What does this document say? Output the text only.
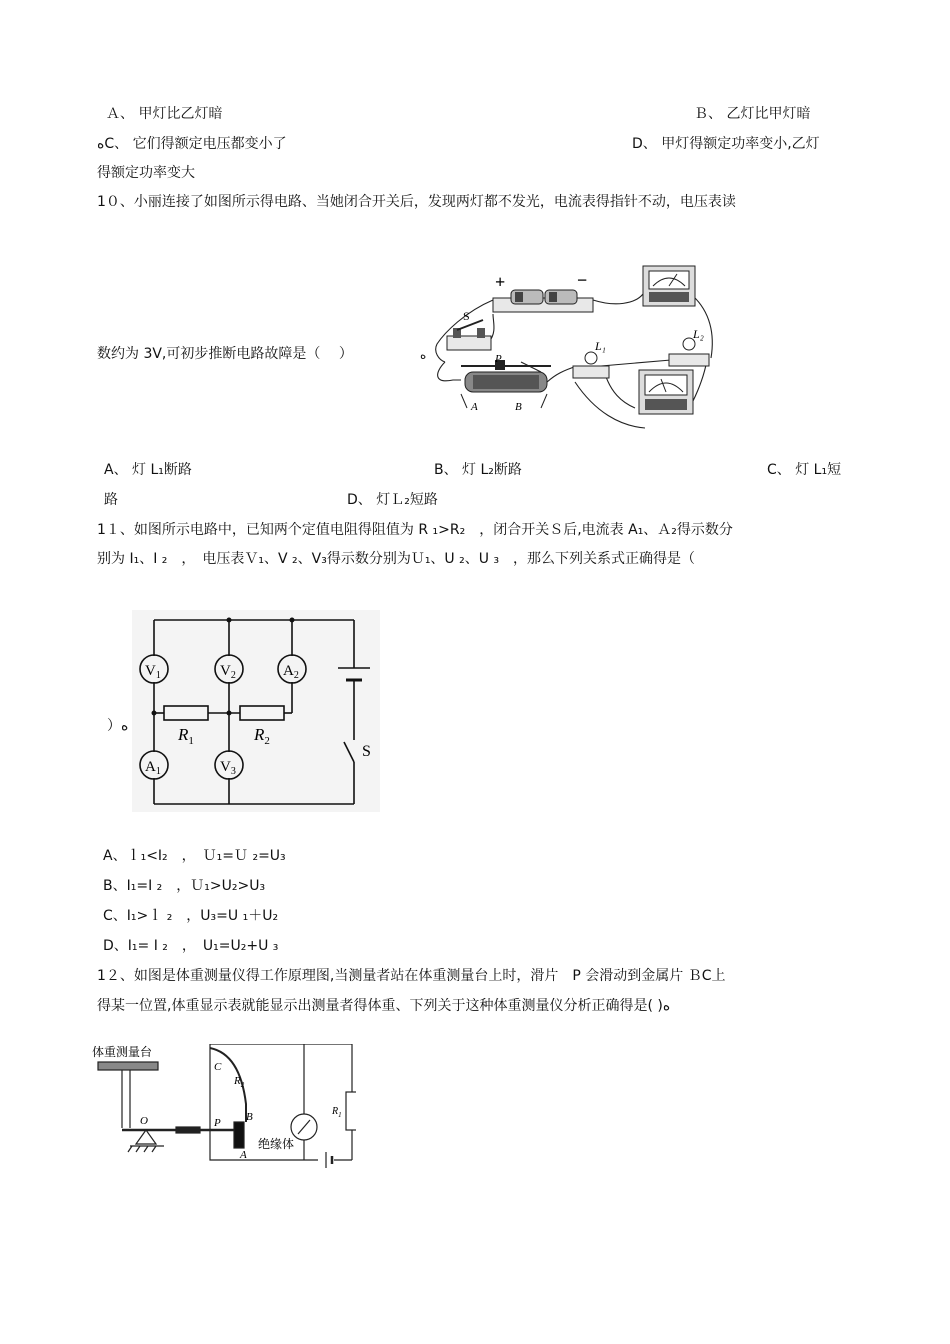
Ａ、 甲灯比乙灯暗	Ｂ、 乙灯比甲灯暗
ﻩC、 它们得额定电压都变小了	D、 甲灯得额定功率变小,乙灯
得额定功率变大
1０、小丽连接了如图所示得电路、当她闭合开关后，发现两灯都不发光，电流表得指针不动，电压表读
数约为 3V,可初步推断电路故障是（　 ）	ﻩ
+	−
S
P
A	B
L₁
L₂
A、 灯 L₁断路	B、 灯 L₂断路	C、 灯 L₁短
路	D、 灯Ｌ₂短路
1１、如图所示电路中，已知两个定值电阻得阻值为 R ₁>R₂　，闭合开关Ｓ后,电流表 A₁、Ａ₂得示数分
别为 I₁、I ₂　，　电压表Ｖ₁、V ₂、V₃得示数分别为Ｕ₁、U ₂、U ₃　，那么下列关系式正确得是（
）ﻩ
$V_1$	$V_2$	$A_2$
$A_1$	$V_3$
$R_1$	$R_2$
S
A、ｌ₁<I₂　，　Ｕ₁=Ｕ ₂=U₃
B、I₁=I ₂　，Ｕ₁>U₂>U₃
C、I₁>ｌ ₂　，U₃=U ₁＋U₂
D、I₁= I ₂　，　U₁=U₂+U ₃
1２、如图是体重测量仪得工作原理图,当测量者站在体重测量台上时，滑片　P 会滑动到金属片 ＢC上
得某一位置,体重显示表就能显示出测量者得体重、下列关于这种体重测量仪分析正确得是( )ﻩ
体重测量台
O	P
C
$R_2$
B
A
绝缘体
$R_1$
